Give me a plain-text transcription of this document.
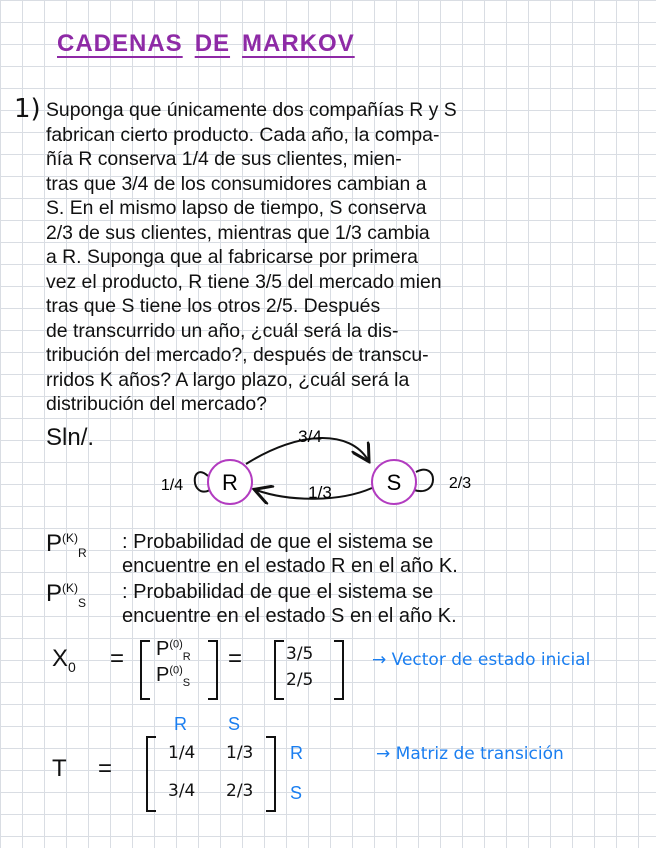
CADENAS DE MARKOV
1) Suponga que únicamente dos compañías R y S
fabrican cierto producto. Cada año, la compa-
ñía R conserva 1/4 de sus clientes, mien-
tras que 3/4 de los consumidores cambian a
S. En el mismo lapso de tiempo, S conserva
2/3 de sus clientes, mientras que 1/3 cambia
a R. Suponga que al fabricarse por primera
vez el producto, R tiene 3/5 del mercado mien
tras que S tiene los otros 2/5. Después
de transcurrido un año, ¿cuál será la dis-
tribución del mercado?, después de transcu-
rridos K años? A largo plazo, ¿cuál será la
distribución del mercado?
Sln/.
R	S
3/4
1/3
1/4	2/3
$P^{(K)}_R$ : Probabilidad de que el sistema se
encuentre en el estado R en el año K.
$P^{(K)}_S$ : Probabilidad de que el sistema se
encuentre en el estado S en el año K.
$X_0 = P^{(0)}_R$
$P^{(0)}_S$
=	3/5
2/5
→ Vector de estado inicial
R S
T =
1/4 1/3
3/4 2/3
R
S
→ Matriz de transición
